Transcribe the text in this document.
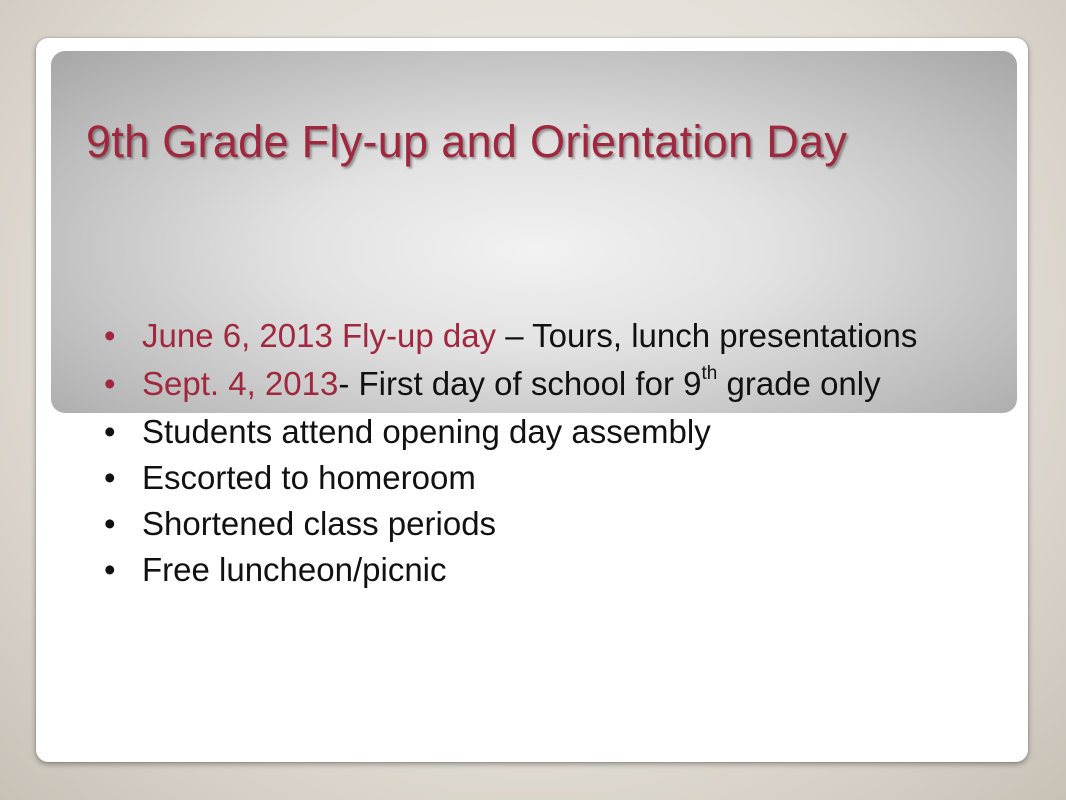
9th Grade Fly-up and Orientation Day
• June 6, 2013 Fly-up day – Tours, lunch presentations
• Sept. 4, 2013- First day of school for 9th grade only
• Students attend opening day assembly
• Escorted to homeroom
• Shortened class periods
• Free luncheon/picnic
